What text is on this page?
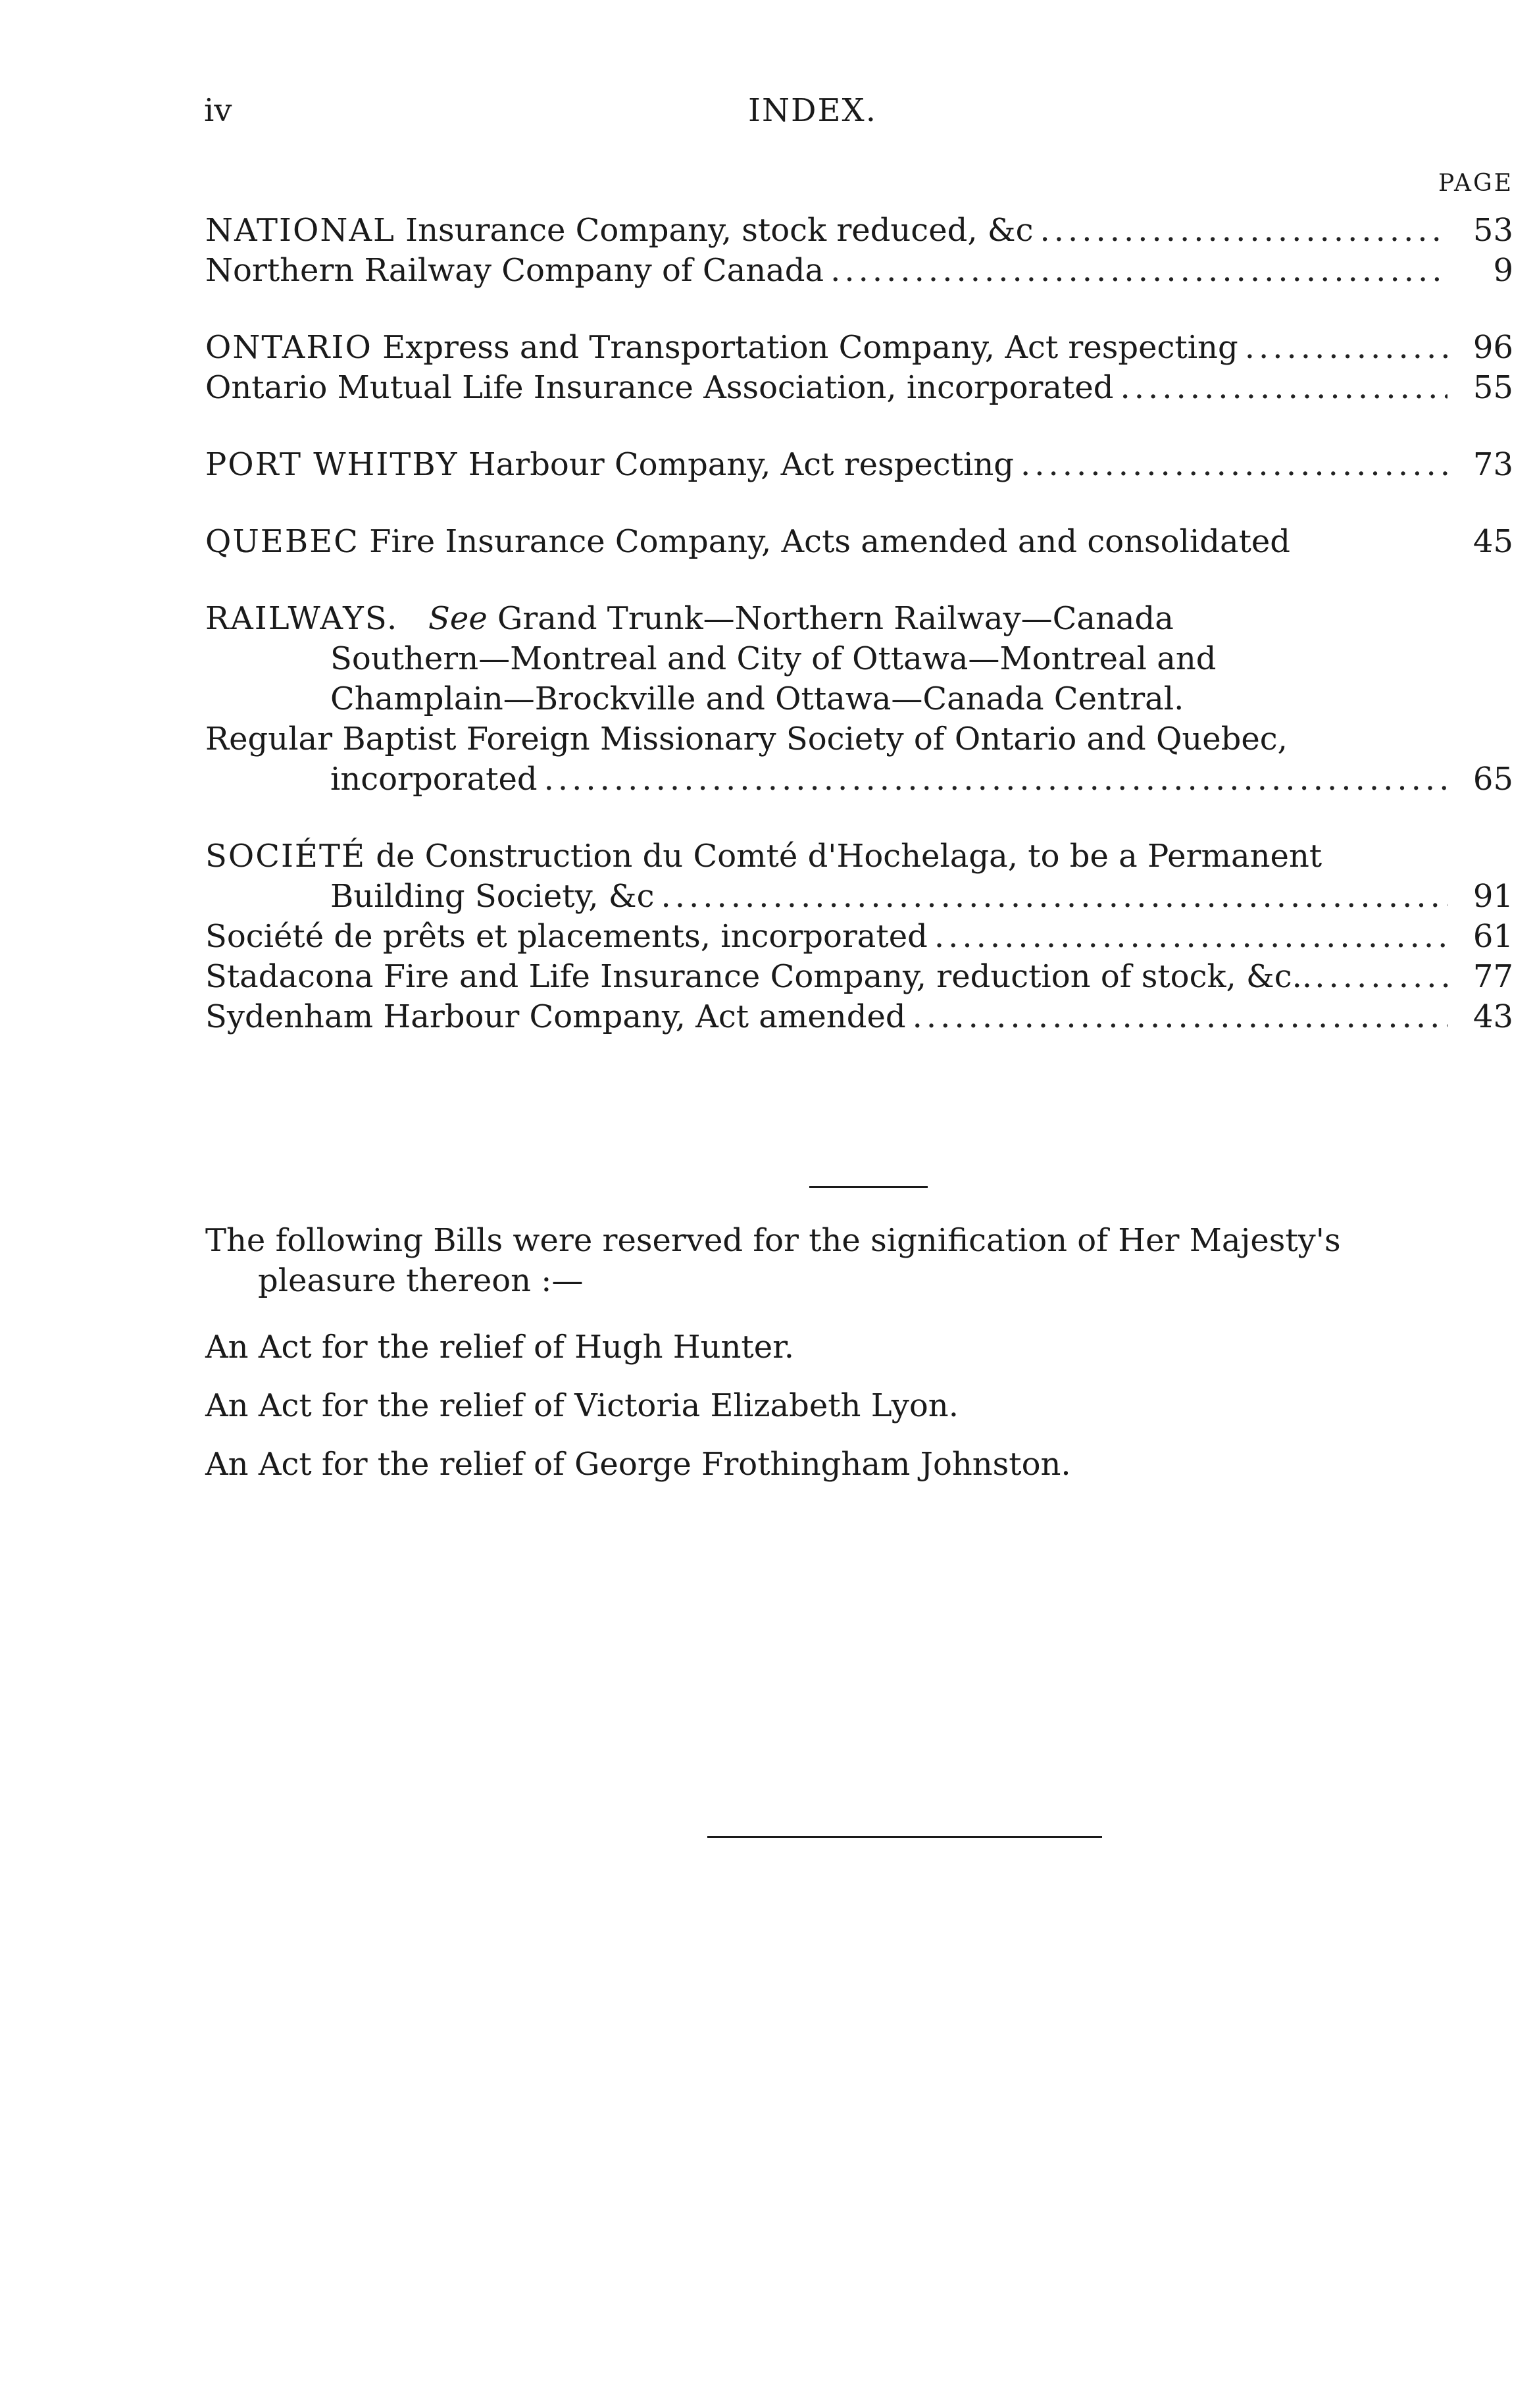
iv	INDEX.
PAGE
NATIONAL Insurance Company, stock reduced, &c .....	53
Northern Railway Company of Canada .....	9
ONTARIO Express and Transportation Company, Act respecting .....	96
Ontario Mutual Life Insurance Association, incorporated .....	55
PORT WHITBY Harbour Company, Act respecting .....	73
QUEBEC Fire Insurance Company, Acts amended and consolidated	45
RAILWAYS. See Grand Trunk—Northern Railway—Canada
Southern—Montreal and City of Ottawa—Montreal and
Champlain—Brockville and Ottawa—Canada Central.
Regular Baptist Foreign Missionary Society of Ontario and Quebec,
incorporated .....	65
SOCIÉTÉ de Construction du Comté d'Hochelaga, to be a Permanent
Building Society, &c .....	91
Société de prêts et placements, incorporated .....	61
Stadacona Fire and Life Insurance Company, reduction of stock, &c.. .....	77
Sydenham Harbour Company, Act amended .....	43
The following Bills were reserved for the signification of Her Majesty's
pleasure thereon :—
An Act for the relief of Hugh Hunter.
An Act for the relief of Victoria Elizabeth Lyon.
An Act for the relief of George Frothingham Johnston.
